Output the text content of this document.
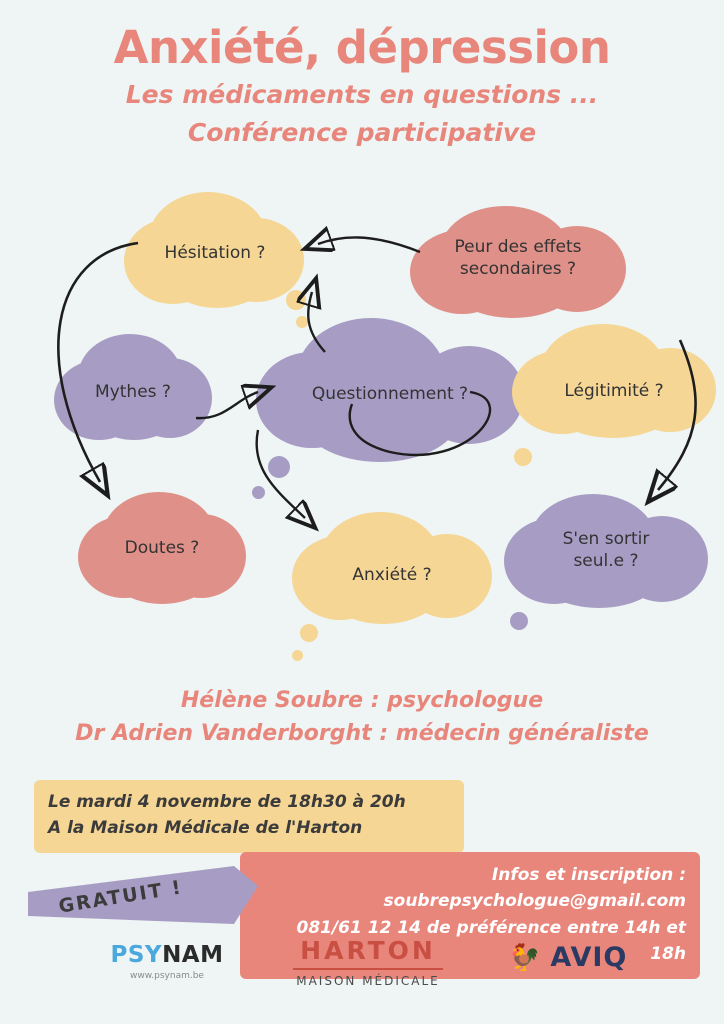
Anxiété, dépression
Les médicaments en questions ...
Conférence participative
Hésitation ?	Peur des effets
secondaires ?
Mythes ?	Questionnement ?	Légitimité ?
Doutes ?
Anxiété ?
S'en sortir
seul.e ?
Hélène Soubre : psychologue
Dr Adrien Vanderborght : médecin généraliste
Le mardi 4 novembre de 18h30 à 20h
A la Maison Médicale de l'Harton
GRATUIT !
Infos et inscription :
soubrepsychologue@gmail.com
081/61 12 14 de préférence entre 14h et 18h
PSYNAM
www.psynam.be
HARTON
MAISON MÉDICALE
🐓 AVIQ
